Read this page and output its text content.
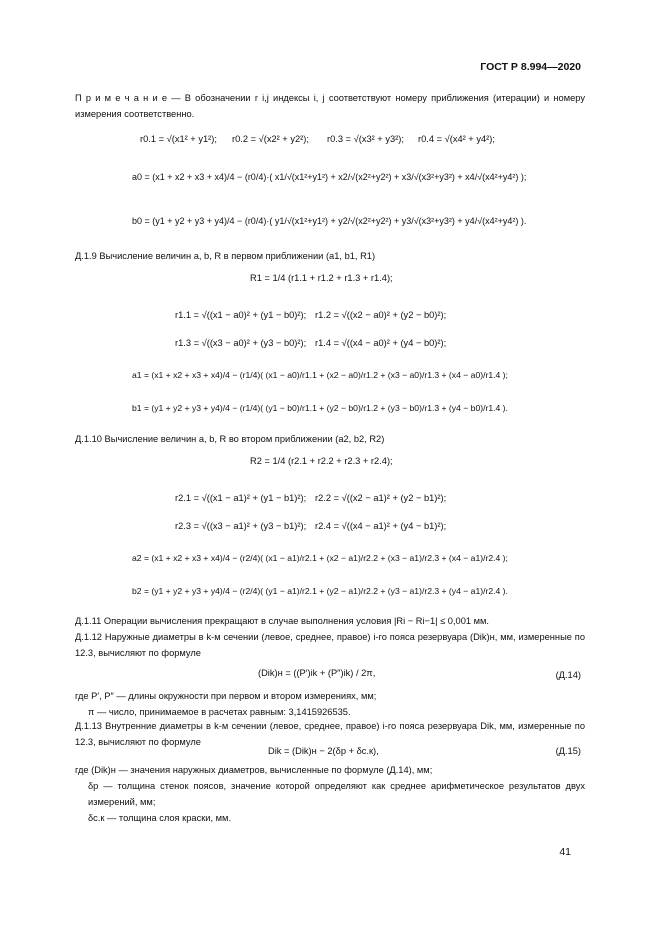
ГОСТ Р 8.994—2020
П р и м е ч а н и е — В обозначении r i,j индексы i, j соответствуют номеру приближения (итерации) и номеру измерения соответственно.
r0.1 = √(x1² + y1²); r0.2 = √(x2² + y2²); r0.3 = √(x3² + y3²); r0.4 = √(x4² + y4²);
a0 = (x1 + x2 + x3 + x4)/4 − (r0/4)·( x1/√(x1²+y1²) + x2/√(x2²+y2²) + x3/√(x3²+y3²) + x4/√(x4²+y4²) );
b0 = (y1 + y2 + y3 + y4)/4 − (r0/4)·( y1/√(x1²+y1²) + y2/√(x2²+y2²) + y3/√(x3²+y3²) + y4/√(x4²+y4²) ).
Д.1.9 Вычисление величин a, b, R в первом приближении (a1, b1, R1)
R1 = 1/4 (r1.1 + r1.2 + r1.3 + r1.4);
r1.1 = √((x1 − a0)² + (y1 − b0)²); r1.2 = √((x2 − a0)² + (y2 − b0)²);
r1.3 = √((x3 − a0)² + (y3 − b0)²); r1.4 = √((x4 − a0)² + (y4 − b0)²);
a1 = (x1 + x2 + x3 + x4)/4 − (r1/4)( (x1 − a0)/r1.1 + (x2 − a0)/r1.2 + (x3 − a0)/r1.3 + (x4 − a0)/r1.4 );
b1 = (y1 + y2 + y3 + y4)/4 − (r1/4)( (y1 − b0)/r1.1 + (y2 − b0)/r1.2 + (y3 − b0)/r1.3 + (y4 − b0)/r1.4 ).
Д.1.10 Вычисление величин a, b, R во втором приближении (a2, b2, R2)
R2 = 1/4 (r2.1 + r2.2 + r2.3 + r2.4);
r2.1 = √((x1 − a1)² + (y1 − b1)²); r2.2 = √((x2 − a1)² + (y2 − b1)²);
r2.3 = √((x3 − a1)² + (y3 − b1)²); r2.4 = √((x4 − a1)² + (y4 − b1)²);
a2 = (x1 + x2 + x3 + x4)/4 − (r2/4)( (x1 − a1)/r2.1 + (x2 − a1)/r2.2 + (x3 − a1)/r2.3 + (x4 − a1)/r2.4 );
b2 = (y1 + y2 + y3 + y4)/4 − (r2/4)( (y1 − a1)/r2.1 + (y2 − a1)/r2.2 + (y3 − a1)/r2.3 + (y4 − a1)/r2.4 ).
Д.1.11 Операции вычисления прекращают в случае выполнения условия |Ri − Ri−1| ≤ 0,001 мм.
Д.1.12 Наружные диаметры в k-м сечении (левое, среднее, правое) i-го пояса резервуара (Dik)н, мм, измеренные по 12.3, вычисляют по формуле
(Dik)н = ((P′)ik + (P″)ik) / 2π,	(Д.14)
где P′, P″ — длины окружности при первом и втором измерениях, мм;
π — число, принимаемое в расчетах равным: 3,1415926535.
Д.1.13 Внутренние диаметры в k-м сечении (левое, среднее, правое) i-го пояса резервуара Dik, мм, измеренные по 12.3, вычисляют по формуле
Dik = (Dik)н − 2(δp + δс.к),	(Д.15)
где (Dik)н — значения наружных диаметров, вычисленные по формуле (Д.14), мм;
δp — толщина стенок поясов, значение которой определяют как среднее арифметическое результатов двух измерений, мм;
δс.к — толщина слоя краски, мм.
41
